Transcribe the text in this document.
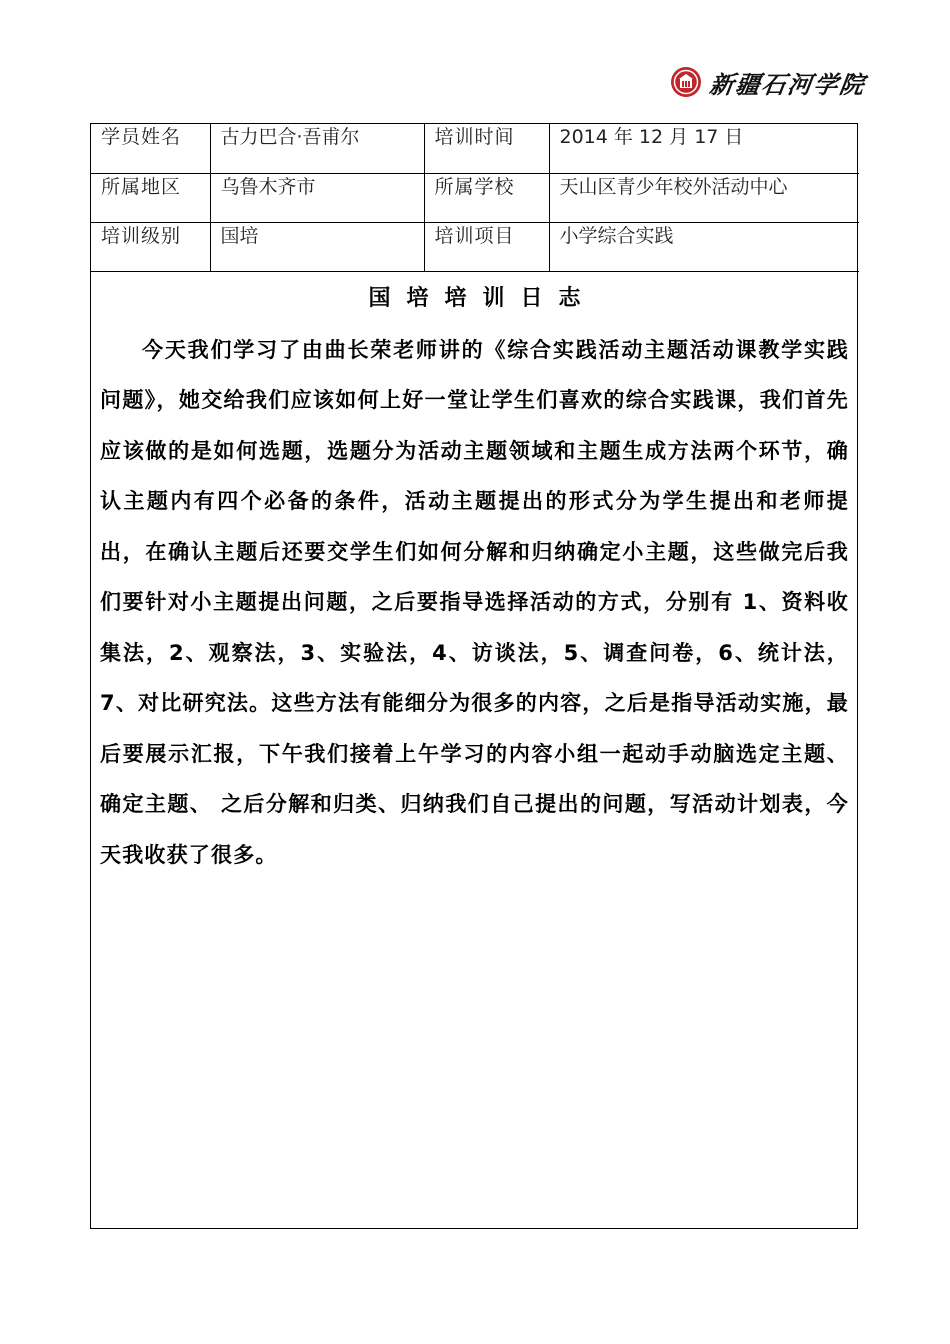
新疆石河学院
学员姓名	古力巴合·吾甫尔	培训时间	2014 年 12 月 17 日
所属地区	乌鲁木齐市	所属学校	天山区青少年校外活动中心
培训级别	国培	培训项目	小学综合实践
国培培训日志

今天我们学习了由曲长荣老师讲的《综合实践活动主题活动课教学实践问题》，她交给我们应该如何上好一堂让学生们喜欢的综合实践课，我们首先应该做的是如何选题，选题分为活动主题领域和主题生成方法两个环节，确认主题内有四个必备的条件，活动主题提出的形式分为学生提出和老师提出，在确认主题后还要交学生们如何分解和归纳确定小主题，这些做完后我们要针对小主题提出问题，之后要指导选择活动的方式，分别有 1、资料收集法，2、观察法，3、实验法，4、访谈法，5、调查问卷，6、统计法，7、对比研究法。这些方法有能细分为很多的内容，之后是指导活动实施，最后要展示汇报，下午我们接着上午学习的内容小组一起动手动脑选定主题、确定主题、 之后分解和归类、归纳我们自己提出的问题，写活动计划表，今天我收获了很多。
